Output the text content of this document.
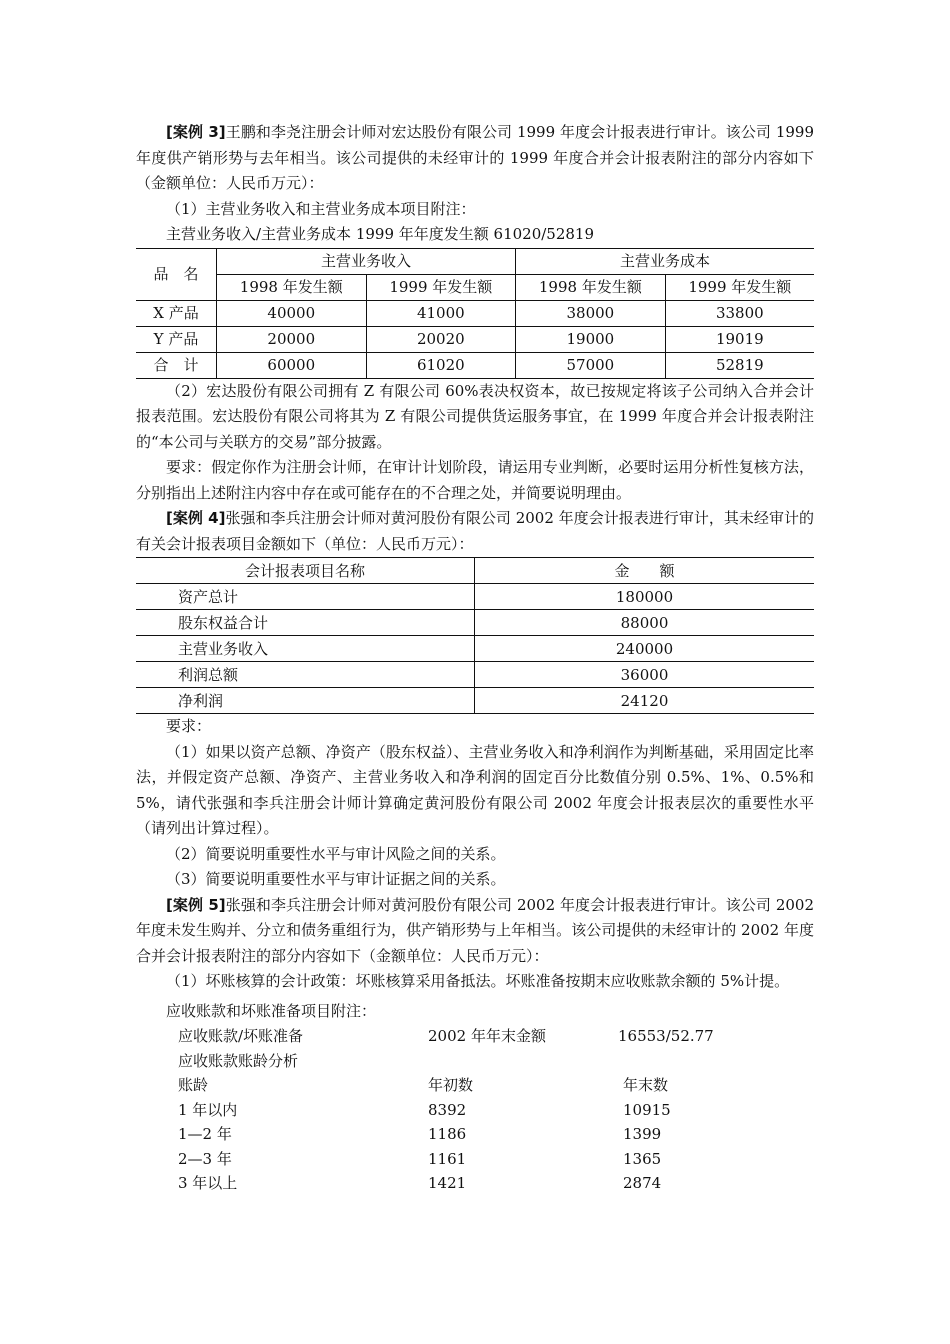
[案例 3]王鹏和李尧注册会计师对宏达股份有限公司 1999 年度会计报表进行审计。该公司 1999 年度供产销形势与去年相当。该公司提供的未经审计的 1999 年度合并会计报表附注的部分内容如下（金额单位：人民币万元）：

（1）主营业务收入和主营业务成本项目附注：

主营业务收入/主营业务成本 1999 年年度发生额 61020/52819

品　名	主营业务收入		主营业务成本	
	1998 年发生额	1999 年发生额	1998 年发生额	1999 年发生额
X 产品	40000	41000	38000	33800
Y 产品	20000	20020	19000	19019
合　计	60000	61020	57000	52819

（2）宏达股份有限公司拥有 Z 有限公司 60%表决权资本，故已按规定将该子公司纳入合并会计报表范围。宏达股份有限公司将其为 Z 有限公司提供货运服务事宜，在 1999 年度合并会计报表附注的“本公司与关联方的交易”部分披露。

要求：假定你作为注册会计师，在审计计划阶段，请运用专业判断，必要时运用分析性复核方法，分别指出上述附注内容中存在或可能存在的不合理之处，并简要说明理由。

[案例 4]张强和李兵注册会计师对黄河股份有限公司 2002 年度会计报表进行审计，其未经审计的有关会计报表项目金额如下（单位：人民币万元）：

会计报表项目名称	金　　额
资产总计	180000
股东权益合计	88000
主营业务收入	240000
利润总额	36000
净利润	24120

要求：

（1）如果以资产总额、净资产（股东权益）、主营业务收入和净利润作为判断基础，采用固定比率法，并假定资产总额、净资产、主营业务收入和净利润的固定百分比数值分别 0.5%、1%、0.5%和 5%，请代张强和李兵注册会计师计算确定黄河股份有限公司 2002 年度会计报表层次的重要性水平（请列出计算过程）。

（2）简要说明重要性水平与审计风险之间的关系。

（3）简要说明重要性水平与审计证据之间的关系。

[案例 5]张强和李兵注册会计师对黄河股份有限公司 2002 年度会计报表进行审计。该公司 2002 年度未发生购并、分立和债务重组行为，供产销形势与上年相当。该公司提供的未经审计的 2002 年度合并会计报表附注的部分内容如下（金额单位：人民币万元）：

（1）坏账核算的会计政策：坏账核算采用备抵法。坏账准备按期末应收账款余额的 5%计提。

应收账款和坏账准备项目附注：

应收账款/坏账准备	2002 年年末金额	16553/52.77
应收账款账龄分析
账龄	年初数	年末数
1 年以内	8392	10915
1—2 年	1186	1399
2—3 年	1161	1365
3 年以上	1421	2874
